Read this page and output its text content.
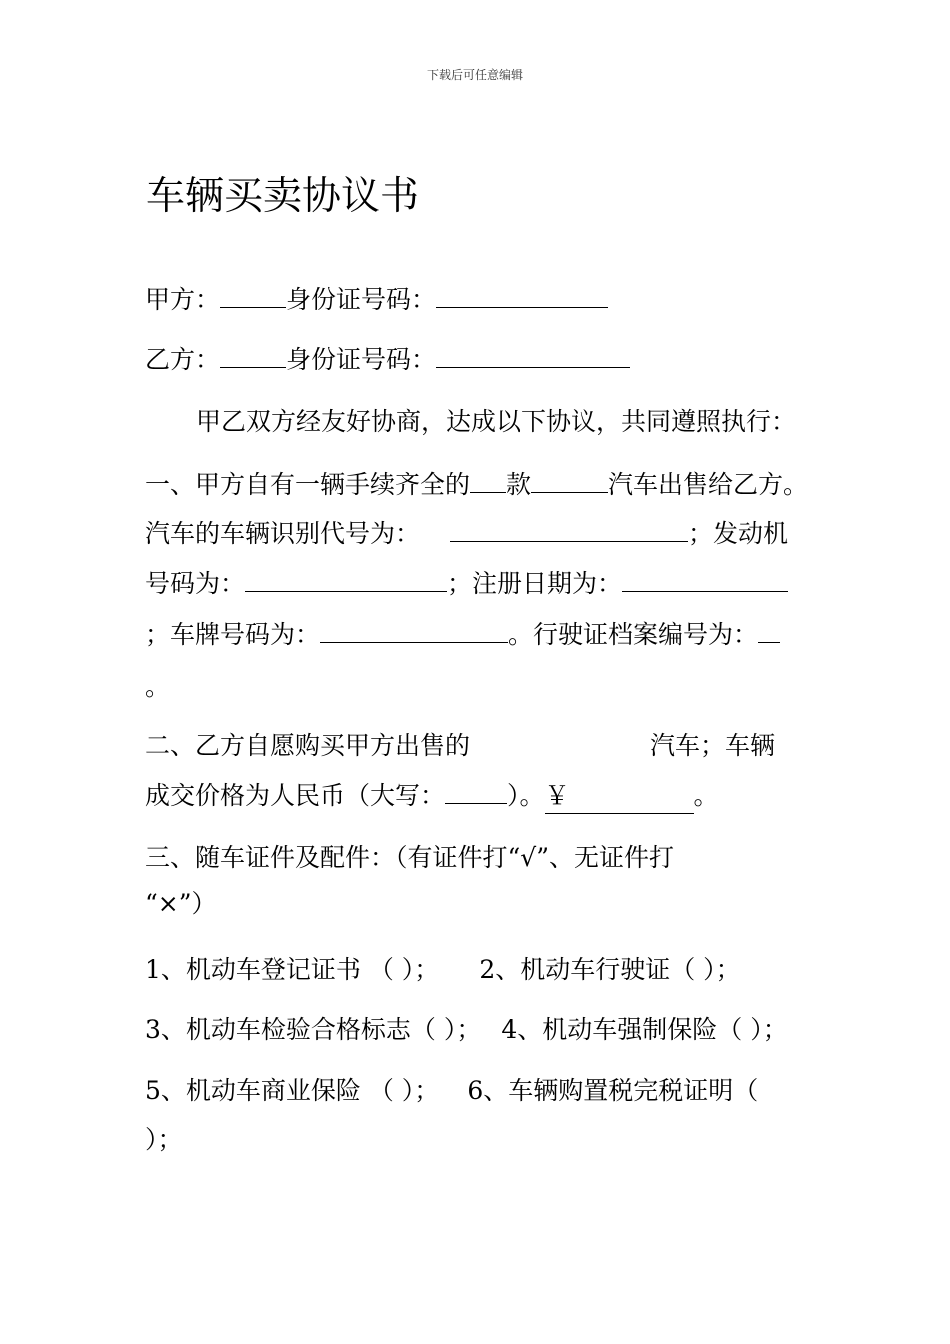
下载后可任意编辑
车辆买卖协议书
甲方：	身份证号码：
乙方：	身份证号码：
甲乙双方经友好协商，达成以下协议，共同遵照执行：
一、甲方自有一辆手续齐全的 款	汽车出售给乙方。
汽车的车辆识别代号为：	；发动机
号码为：	；注册日期为：
；车牌号码为：	。行驶证档案编号为：
。
二、乙方自愿购买甲方出售的	汽车；车辆
成交价格为人民币（大写： ）。￥	。
三、随车证件及配件：（有证件打“√”、无证件打
“×”）
1、机动车登记证书 （ ）； 2、机动车行驶证（ ）；
3、机动车检验合格标志（ ）； 4、机动车强制保险（ ）；
5、机动车商业保险 （ ）； 6、车辆购置税完税证明（
）；
